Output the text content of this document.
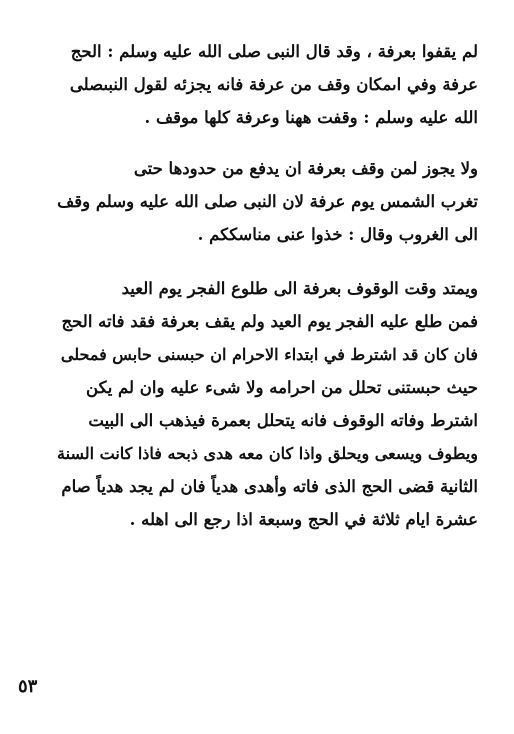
لم يقفوا بعرفة ، وقد قال النبى صلى الله عليه وسلم : الحج
عرفة وفي اىمكان وقف من عرفة فانه يجزئه لقول النبىصلى
الله عليه وسلم : وقفت ههنا وعرفة كلها موقف .
ولا يجوز لمن وقف بعرفة ان يدفع من حدودها حتى
تغرب الشمس يوم عرفة لان النبى صلى الله عليه وسلم وقف
الى الغروب وقال : خذوا عنى مناسككم .
ويمتد وقت الوقوف بعرفة الى طلوع الفجر يوم العيد
فمن طلع عليه الفجر يوم العيد ولم يقف بعرفة فقد فاته الحج
فان كان قد اشترط في ابتداء الاحرام ان حبسنى حابس فمحلى
حيث حبستنى تحلل من احرامه ولا شىء عليه وان لم يكن
اشترط وفاته الوقوف فانه يتحلل بعمرة فيذهب الى البيت
ويطوف ويسعى ويحلق واذا كان معه هدى ذبحه فاذا كانت السنة
الثانية قضى الحج الذى فاته وأهدى هدياً فان لم يجد هدياً صام
عشرة ايام ثلاثة في الحج وسبعة اذا رجع الى اهله .
٥٣
